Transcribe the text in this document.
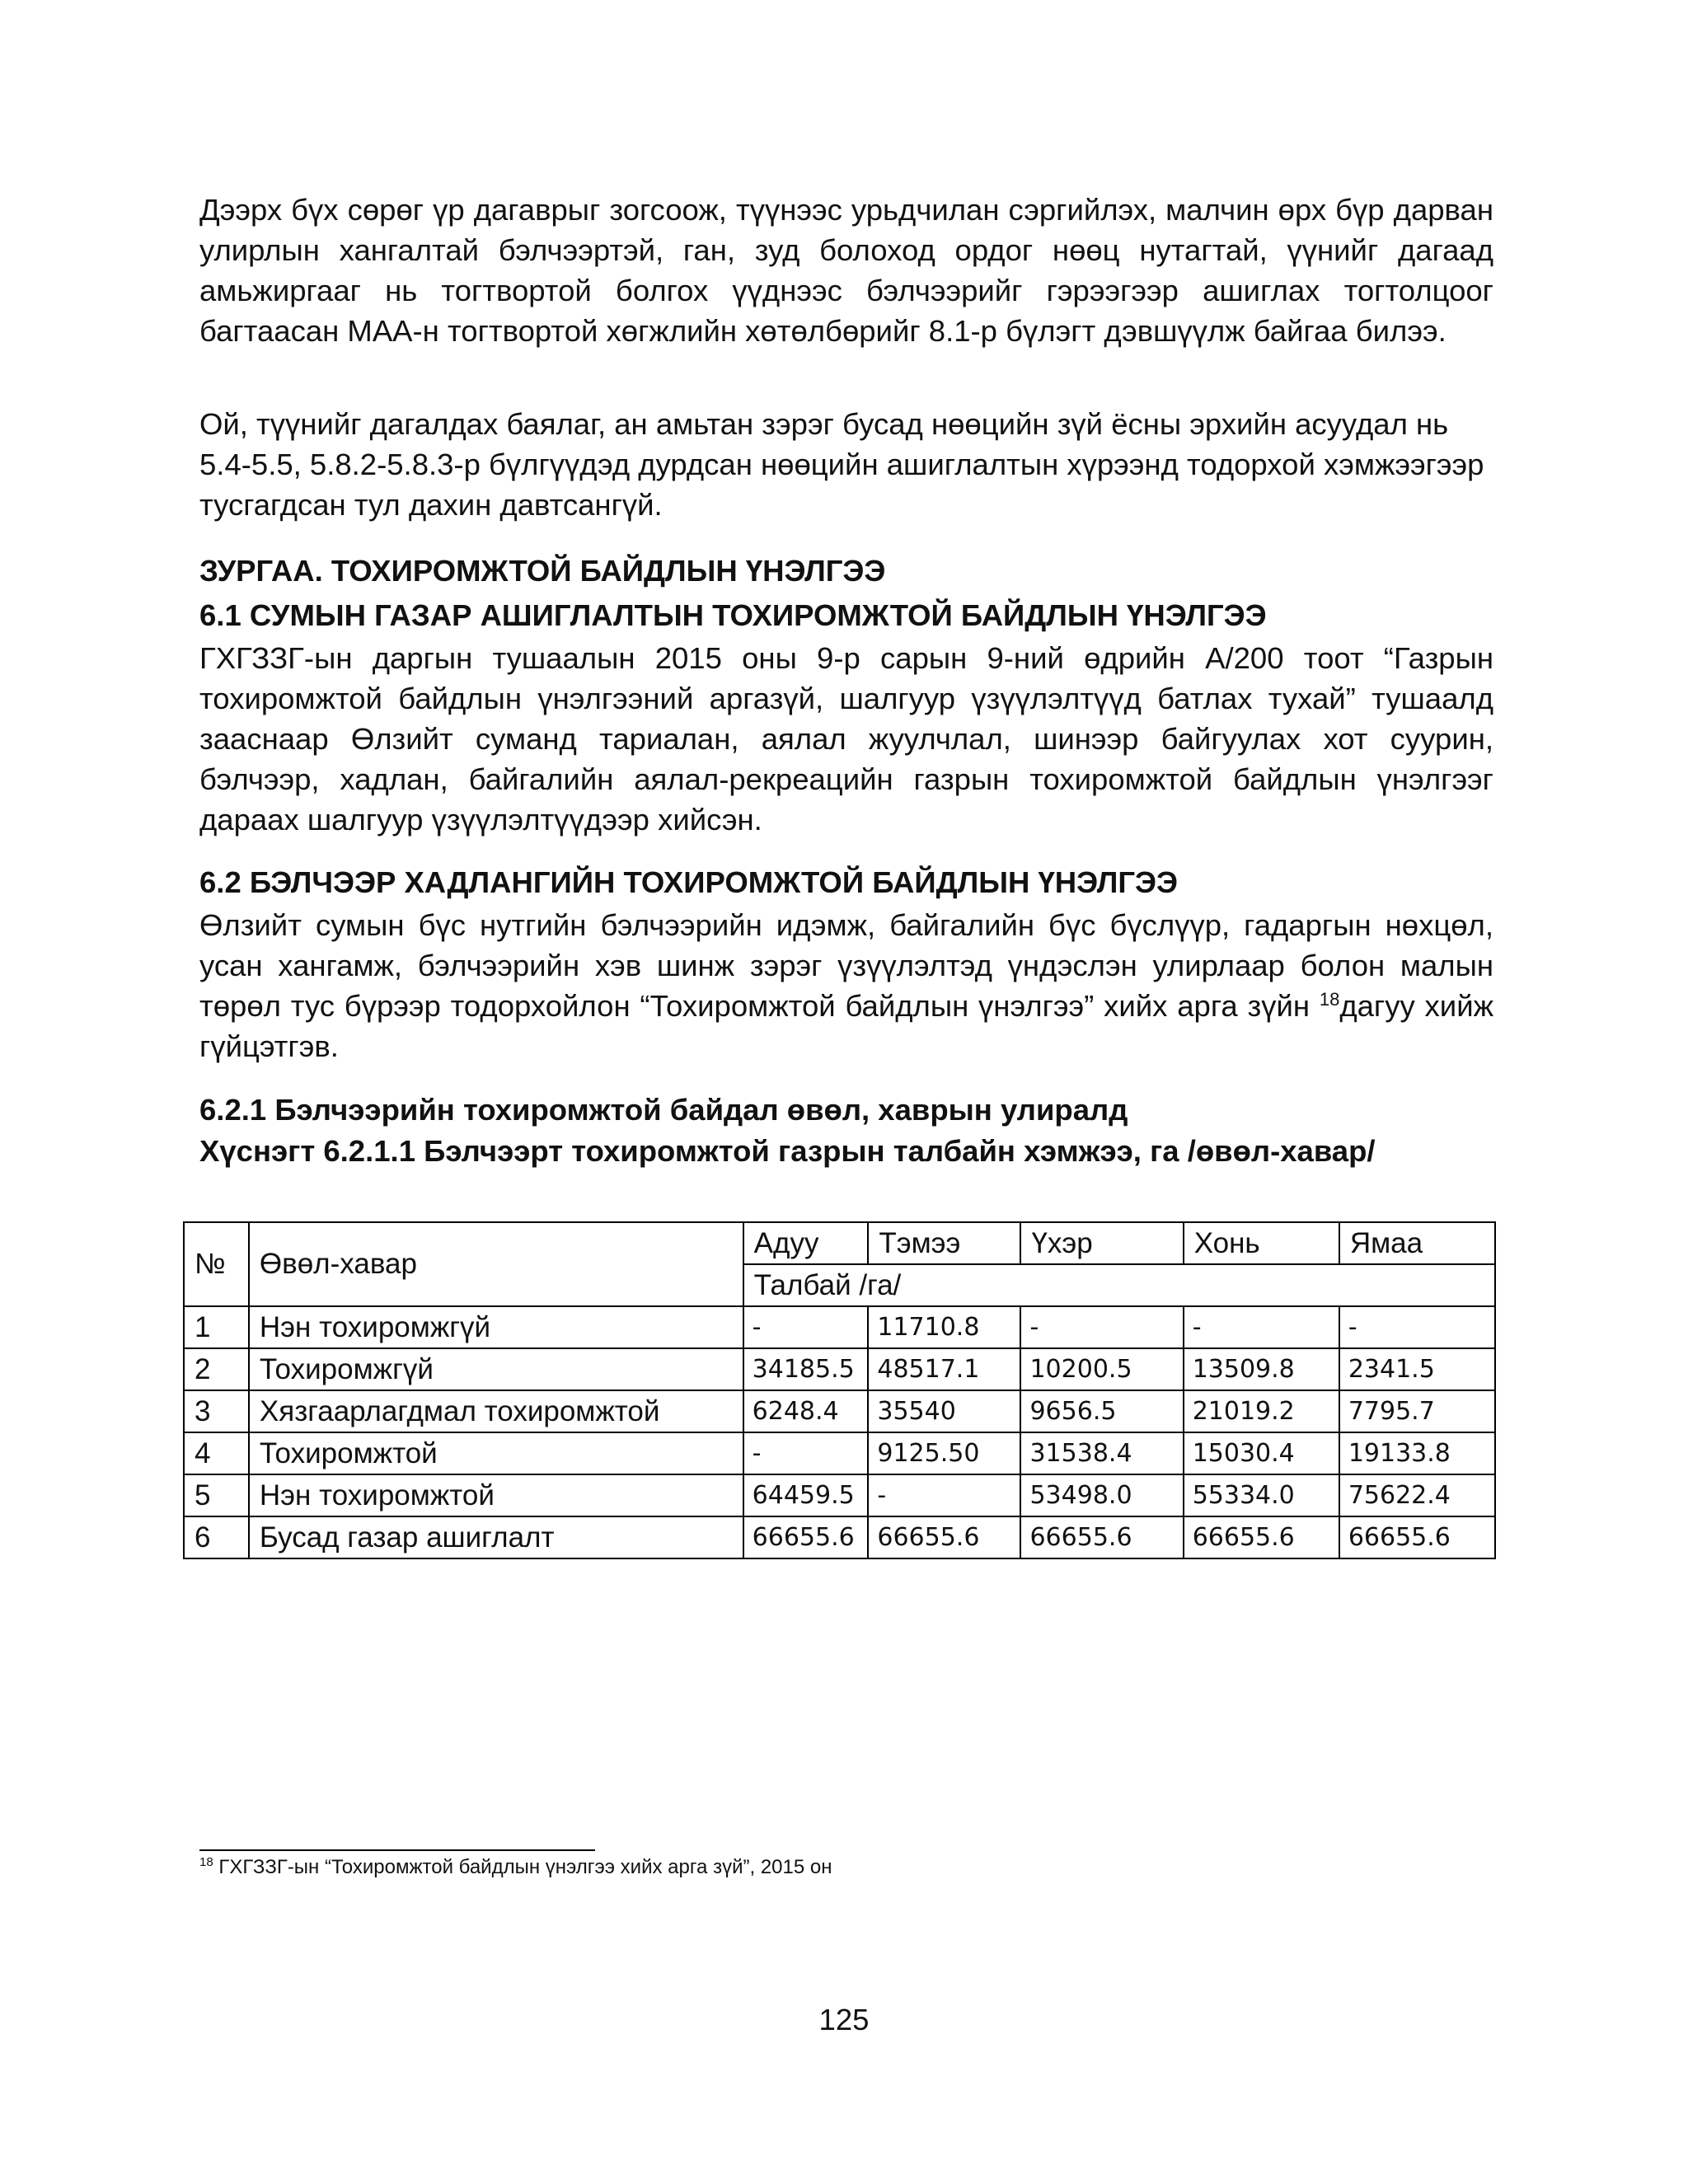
Дээрх бүх сөрөг үр дагаврыг зогсоож, түүнээс урьдчилан сэргийлэх, малчин өрх бүр дарван улирлын хангалтай бэлчээртэй, ган, зуд болоход ордог нөөц нутагтай, үүнийг дагаад амьжиргааг нь тогтвортой болгох үүднээс бэлчээрийг гэрээгээр ашиглах тогтолцоог багтаасан МАА-н тогтвортой хөгжлийн хөтөлбөрийг 8.1-р бүлэгт дэвшүүлж байгаа билээ.

Ой, түүнийг дагалдах баялаг, ан амьтан зэрэг бусад нөөцийн зүй ёсны эрхийн асуудал нь 5.4-5.5, 5.8.2-5.8.3-р бүлгүүдэд дурдсан нөөцийн ашиглалтын хүрээнд тодорхой хэмжээгээр тусгагдсан тул дахин давтсангүй.

ЗУРГАА. ТОХИРОМЖТОЙ БАЙДЛЫН ҮНЭЛГЭЭ
6.1 СУМЫН ГАЗАР АШИГЛАЛТЫН ТОХИРОМЖТОЙ БАЙДЛЫН ҮНЭЛГЭЭ

ГХГЗЗГ-ын даргын тушаалын 2015 оны 9-р сарын 9-ний өдрийн А/200 тоот “Газрын тохиромжтой байдлын үнэлгээний аргазүй, шалгуур үзүүлэлтүүд батлах тухай” тушаалд зааснаар Өлзийт суманд тариалан, аялал жуулчлал, шинээр байгуулах хот суурин, бэлчээр, хадлан, байгалийн аялал-рекреацийн газрын тохиромжтой байдлын үнэлгээг дараах шалгуур үзүүлэлтүүдээр хийсэн.

6.2 БЭЛЧЭЭР ХАДЛАНГИЙН ТОХИРОМЖТОЙ БАЙДЛЫН ҮНЭЛГЭЭ

Өлзийт сумын бүс нутгийн бэлчээрийн идэмж, байгалийн бүс бүслүүр, гадаргын нөхцөл, усан хангамж, бэлчээрийн хэв шинж зэрэг үзүүлэлтэд үндэслэн улирлаар болон малын төрөл тус бүрээр тодорхойлон “Тохиромжтой байдлын үнэлгээ” хийх арга зүйн $^{18}$дагуу хийж гүйцэтгэв.

6.2.1 Бэлчээрийн тохиромжтой байдал өвөл, хаврын улиралд
Хүснэгт 6.2.1.1 Бэлчээрт тохиромжтой газрын талбайн хэмжээ, га /өвөл-хавар/
№	Өвөл-хавар	Адуу	Тэмээ	Үхэр	Хонь	Ямаа
		Талбай /га/				
1	Нэн тохиромжгүй	-	11710.8	-	-	-
2	Тохиромжгүй	34185.5	48517.1	10200.5	13509.8	2341.5
3	Хязгаарлагдмал тохиромжтой	6248.4	35540	9656.5	21019.2	7795.7
4	Тохиромжтой	-	9125.50	31538.4	15030.4	19133.8
5	Нэн тохиромжтой	64459.5	-	53498.0	55334.0	75622.4
6	Бусад газар ашиглалт	66655.6	66655.6	66655.6	66655.6	66655.6
$^{18}$ ГХГЗЗГ-ын “Тохиромжтой байдлын үнэлгээ хийх арга зүй”, 2015 он
125
